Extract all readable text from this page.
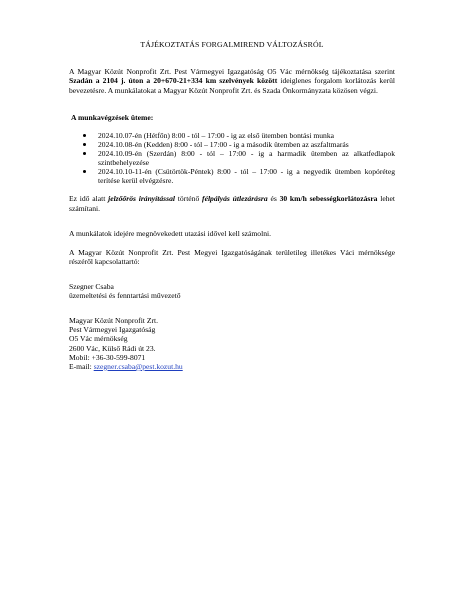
TÁJÉKOZTATÁS FORGALMIREND VÁLTOZÁSRÓL

A Magyar Közút Nonprofit Zrt. Pest Vármegyei Igazgatóság O5 Vác mérnökség tájékoztatása szerint Szadán a 2104 j. úton a 20+670-21+334 km szelvények között ideiglenes forgalom korlátozás kerül bevezetésre. A munkálatokat a Magyar Közút Nonprofit Zrt. és Szada Önkormányzata közösen végzi.

A munkavégzések üteme:
2024.10.07-én (Hétfőn) 8:00 - tól – 17:00 - ig az első ütemben bontási munka
2024.10.08-én (Kedden) 8:00 - tól – 17:00 - ig a második ütemben az aszfaltmarás
2024.10.09-én (Szerdán) 8:00 - tól – 17:00 - ig a harmadik ütemben az alkatfedlapok szintbehelyezése
2024.10.10-11-én (Csütörtök-Péntek) 8:00 - tól – 17:00 - ig a negyedik ütemben kopóréteg terítése kerül elvégzésre.

Ez idő alatt jelzőőrös irányítással történő félpályás útlezárásra és 30 km/h sebességkorlátozásra lehet számítani.

A munkálatok idejére megnövekedett utazási idővel kell számolni.

A Magyar Közút Nonprofit Zrt. Pest Megyei Igazgatóságának területileg illetékes Váci mérnöksége részéről kapcsolattartó:

Szegner Csaba
üzemeltetési és fenntartási művezető
Magyar Közút Nonprofit Zrt.
Pest Vármegyei Igazgatóság
O5 Vác mérnökség
2600 Vác, Külső Rádi út 23.
Mobil: +36-30-599-8071
E-mail: szegner.csaba@pest.kozut.hu
